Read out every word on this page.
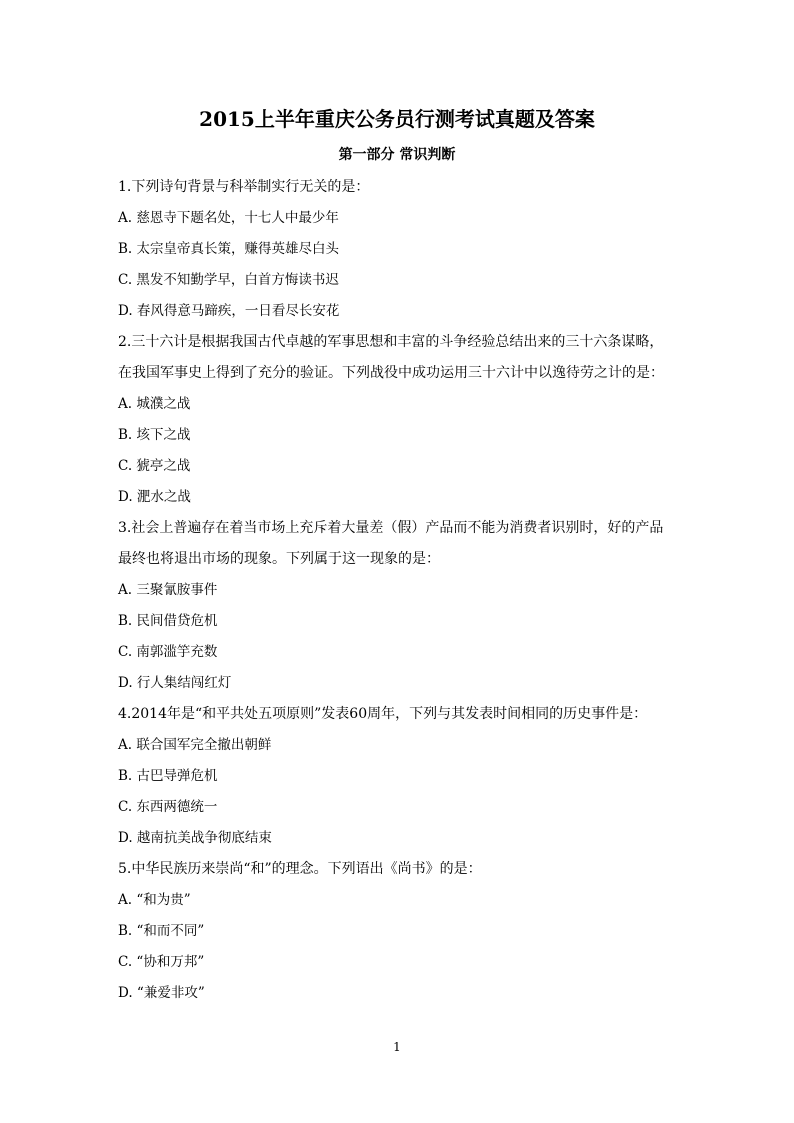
2015上半年重庆公务员行测考试真题及答案
第一部分 常识判断
1.下列诗句背景与科举制实行无关的是：
A. 慈恩寺下题名处，十七人中最少年
B. 太宗皇帝真长策，赚得英雄尽白头
C. 黑发不知勤学早，白首方悔读书迟
D. 春风得意马蹄疾，一日看尽长安花
2.三十六计是根据我国古代卓越的军事思想和丰富的斗争经验总结出来的三十六条谋略，
在我国军事史上得到了充分的验证。下列战役中成功运用三十六计中以逸待劳之计的是：
A. 城濮之战
B. 垓下之战
C. 猇亭之战
D. 淝水之战
3.社会上普遍存在着当市场上充斥着大量差（假）产品而不能为消费者识别时，好的产品
最终也将退出市场的现象。下列属于这一现象的是：
A. 三聚氰胺事件
B. 民间借贷危机
C. 南郭滥竽充数
D. 行人集结闯红灯
4.2014年是“和平共处五项原则”发表60周年，下列与其发表时间相同的历史事件是：
A. 联合国军完全撤出朝鲜
B. 古巴导弹危机
C. 东西两德统一
D. 越南抗美战争彻底结束
5.中华民族历来崇尚“和”的理念。下列语出《尚书》的是：
A. “和为贵”
B. “和而不同”
C. “协和万邦”
D. “兼爱非攻”
1
